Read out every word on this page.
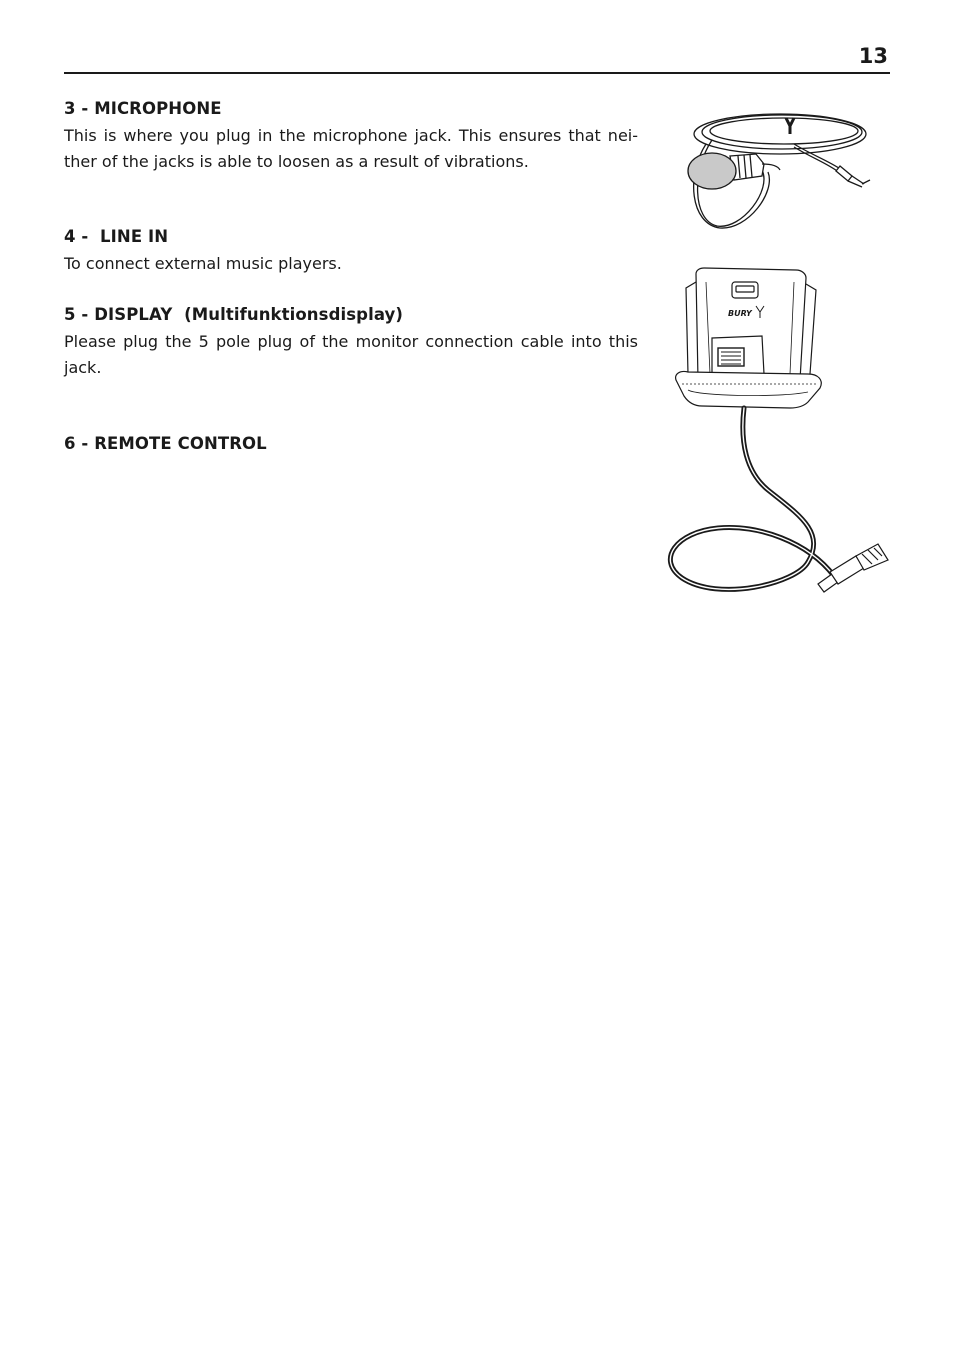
13
3 - MICROPHONE

This is where you plug in the microphone jack. This ensures that nei-ther of the jacks is able to loosen as a result of vibrations.

4 -  LINE IN

To connect external music players.

5 - DISPLAY  (Multifunktionsdisplay)

Please plug the 5 pole plug of the monitor connection cable into this jack.

6 - REMOTE CONTROL
BURY
